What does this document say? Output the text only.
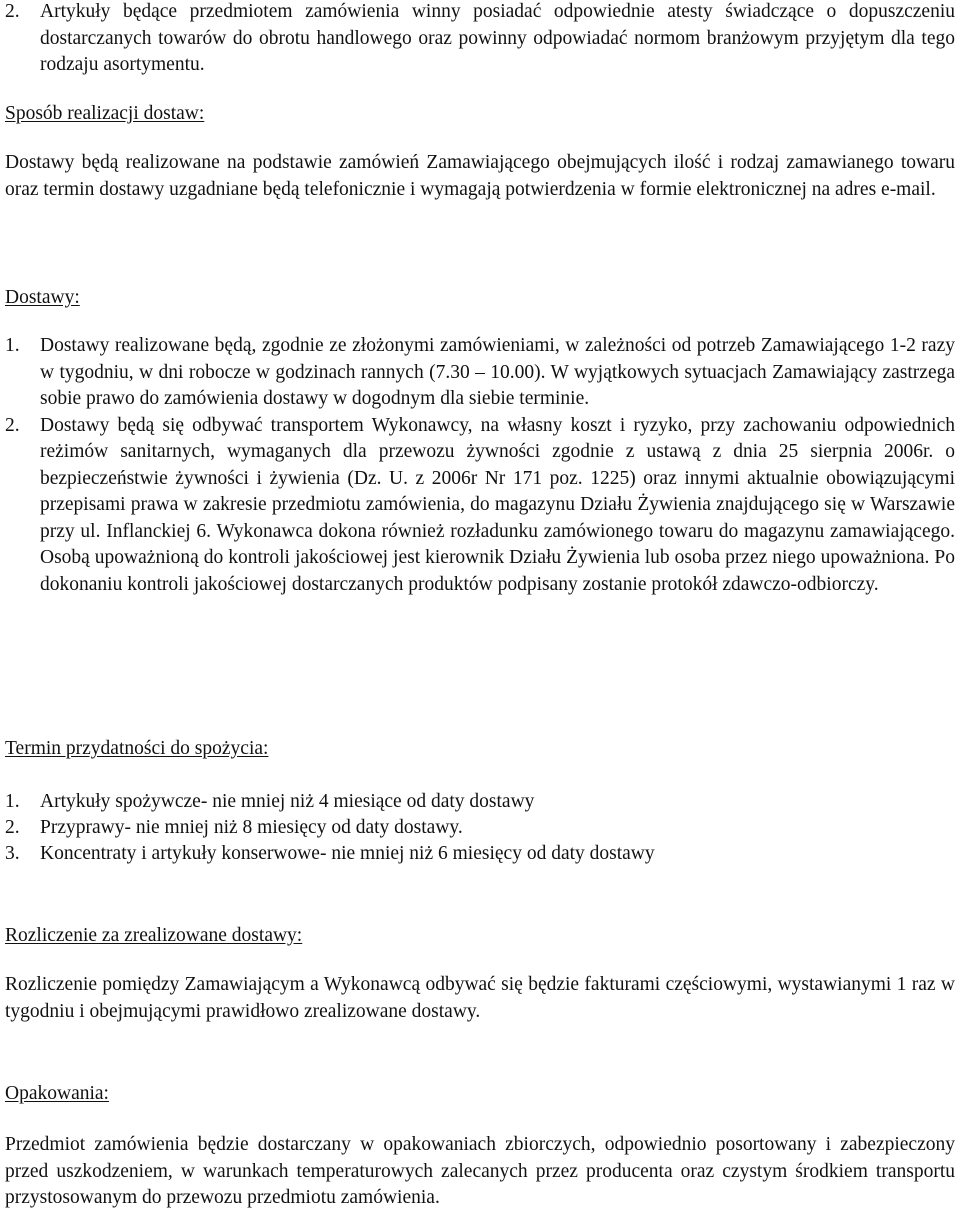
2. Artykuły będące przedmiotem zamówienia winny posiadać odpowiednie atesty świadczące o dopuszczeniu dostarczanych towarów do obrotu handlowego oraz powinny odpowiadać normom branżowym przyjętym dla tego rodzaju asortymentu.
Sposób realizacji dostaw:

Dostawy będą realizowane na podstawie zamówień Zamawiającego obejmujących ilość i rodzaj zamawianego towaru oraz termin dostawy uzgadniane będą telefonicznie i wymagają potwierdzenia w formie elektronicznej na adres e-mail.

Dostawy:
1. Dostawy realizowane będą, zgodnie ze złożonymi zamówieniami, w zależności od potrzeb Zamawiającego 1-2 razy w tygodniu, w dni robocze w godzinach rannych (7.30 – 10.00). W wyjątkowych sytuacjach Zamawiający zastrzega sobie prawo do zamówienia dostawy w dogodnym dla siebie terminie.
2. Dostawy będą się odbywać transportem Wykonawcy, na własny koszt i ryzyko, przy zachowaniu odpowiednich reżimów sanitarnych, wymaganych dla przewozu żywności zgodnie z ustawą z dnia 25 sierpnia 2006r. o bezpieczeństwie żywności i żywienia (Dz. U. z 2006r Nr 171 poz. 1225) oraz innymi aktualnie obowiązującymi przepisami prawa w zakresie przedmiotu zamówienia, do magazynu Działu Żywienia znajdującego się w Warszawie przy ul. Inflanckiej 6. Wykonawca dokona również rozładunku zamówionego towaru do magazynu zamawiającego. Osobą upoważnioną do kontroli jakościowej jest kierownik Działu Żywienia lub osoba przez niego upoważniona. Po dokonaniu kontroli jakościowej dostarczanych produktów podpisany zostanie protokół zdawczo-odbiorczy.
Termin przydatności do spożycia:
1. Artykuły spożywcze- nie mniej niż 4 miesiące od daty dostawy
2. Przyprawy- nie mniej niż 8 miesięcy od daty dostawy.
3. Koncentraty i artykuły konserwowe- nie mniej niż 6 miesięcy od daty dostawy
Rozliczenie za zrealizowane dostawy:

Rozliczenie pomiędzy Zamawiającym a Wykonawcą odbywać się będzie fakturami częściowymi, wystawianymi 1 raz w tygodniu i obejmującymi prawidłowo zrealizowane dostawy.

Opakowania:

Przedmiot zamówienia będzie dostarczany w opakowaniach zbiorczych, odpowiednio posortowany i zabezpieczony przed uszkodzeniem, w warunkach temperaturowych zalecanych przez producenta oraz czystym środkiem transportu przystosowanym do przewozu przedmiotu zamówienia.
